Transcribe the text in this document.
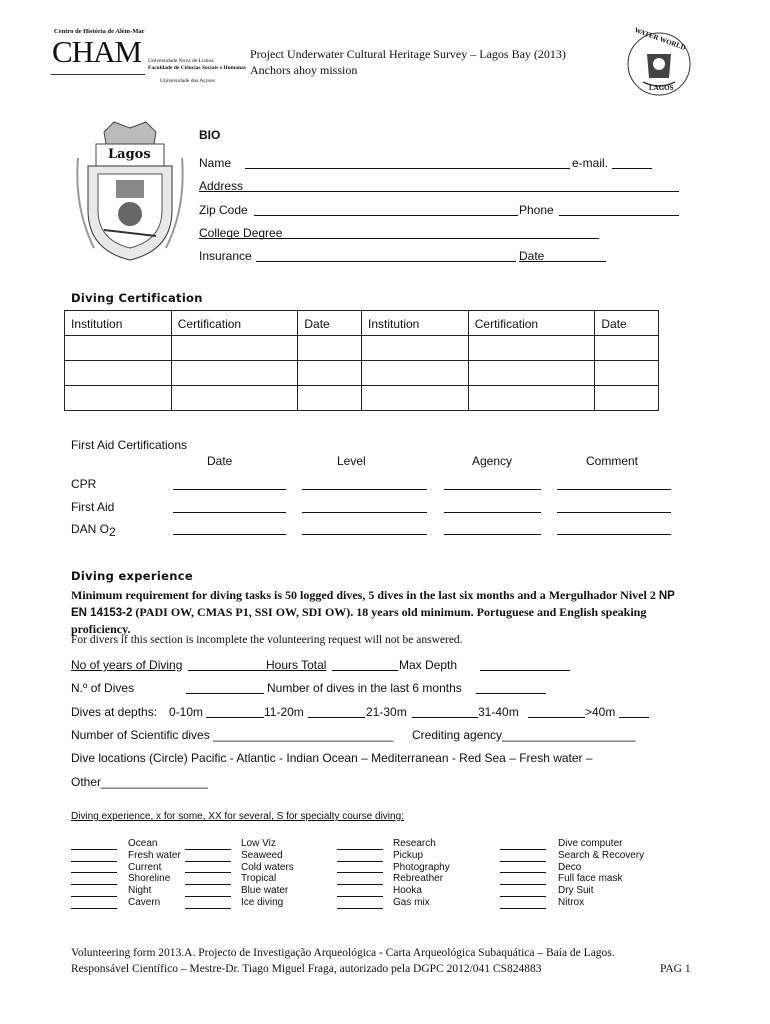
Centro de História de Além-Mar
CHAM Universidade Nova de Lisboa
Faculdade de Ciências Sociais e Humanas
Universidade dos Açores
Project Underwater Cultural Heritage Survey – Lagos Bay (2013)
Anchors ahoy mission
WATER WORLD
LAGOS
Lagos
BIO
Name	e-mail.
Address
Zip Code	Phone
College Degree
Insurance	Date
Diving Certification
Institution	Certification	Date	Institution	Certification	Date

First Aid Certifications
Date	Level	Agency	Comment
CPR
First Aid
DAN O2
Diving experience
Minimum requirement for diving tasks is 50 logged dives, 5 dives in the last six months and a Mergulhador Nivel 2 NP EN 14153-2 (PADI OW, CMAS P1, SSI OW, SDI OW). 18 years old minimum. Portuguese and English speaking proficiency.
For divers if this section is incomplete the volunteering request will not be answered.
No of years of Diving	Hours Total	Max Depth
N.º of Dives	Number of dives in the last 6 months
Dives at depths: 0-10m	11-20m	21-30m	31-40m	>40m
Number of Scientific dives ___________________________ Crediting agency____________________
Dive locations (Circle) Pacific - Atlantic - Indian Ocean – Mediterranean - Red Sea – Fresh water –
Other________________
Diving experience, x for some, XX for several, S for specialty course diving:
Ocean
Fresh water
Current
Shoreline
Night
Cavern
Low Viz
Seaweed
Cold waters
Tropical
Blue water
Ice diving
Research
Pickup
Photography
Rebreather
Hooka
Gas mix
Dive computer
Search & Recovery
Deco
Full face mask
Dry Suit
Nitrox
Volunteering form 2013.A. Projecto de Investigação Arqueológica - Carta Arqueológica Subaquática – Baía de Lagos.
Responsável Científico – Mestre-Dr. Tiago Miguel Fraga, autorizado pela DGPC 2012/041 CS824883	PAG 1
